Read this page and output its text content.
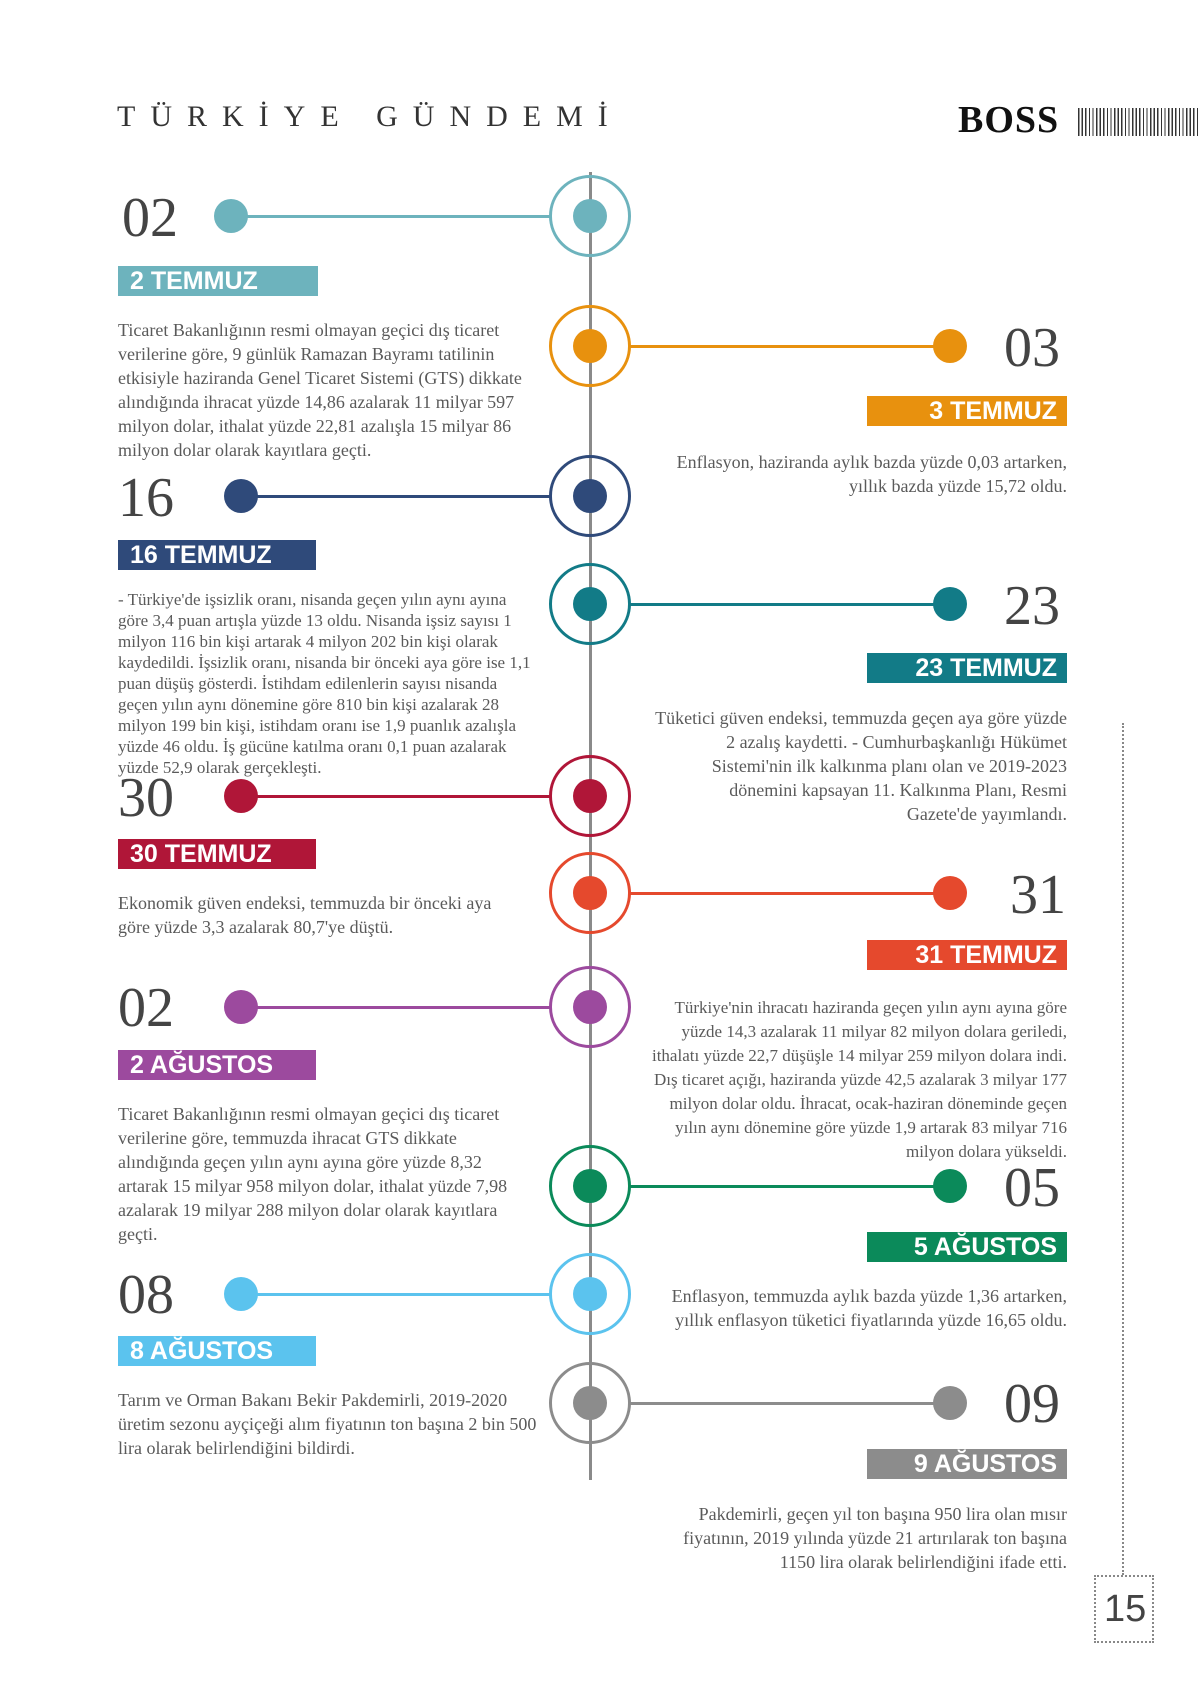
TÜRKİYE GÜNDEMİ	BOSS
02
2 TEMMUZ
Ticaret Bakanlığının resmi olmayan geçici dış ticaret verilerine göre, 9 günlük Ramazan Bayramı tatilinin etkisiyle haziranda Genel Ticaret Sistemi (GTS) dikkate alındığında ihracat yüzde 14,86 azalarak 11 milyar 597 milyon dolar, ithalat yüzde 22,81 azalışla 15 milyar 86 milyon dolar olarak kayıtlara geçti.
03
3 TEMMUZ
Enflasyon, haziranda aylık bazda yüzde 0,03 artarken, yıllık bazda yüzde 15,72 oldu.
16
16 TEMMUZ
- Türkiye'de işsizlik oranı, nisanda geçen yılın aynı ayına göre 3,4 puan artışla yüzde 13 oldu. Nisanda işsiz sayısı 1 milyon 116 bin kişi artarak 4 milyon 202 bin kişi olarak kaydedildi. İşsizlik oranı, nisanda bir önceki aya göre ise 1,1 puan düşüş gösterdi. İstihdam edilenlerin sayısı nisanda geçen yılın aynı dönemine göre 810 bin kişi azalarak 28 milyon 199 bin kişi, istihdam oranı ise 1,9 puanlık azalışla yüzde 46 oldu. İş gücüne katılma oranı 0,1 puan azalarak yüzde 52,9 olarak gerçekleşti.
23
23 TEMMUZ
Tüketici güven endeksi, temmuzda geçen aya göre yüzde 2 azalış kaydetti. - Cumhurbaşkanlığı Hükümet Sistemi'nin ilk kalkınma planı olan ve 2019-2023 dönemini kapsayan 11. Kalkınma Planı, Resmi Gazete'de yayımlandı.
30
30 TEMMUZ
Ekonomik güven endeksi, temmuzda bir önceki aya göre yüzde 3,3 azalarak 80,7'ye düştü.
31
31 TEMMUZ
Türkiye'nin ihracatı haziranda geçen yılın aynı ayına göre yüzde 14,3 azalarak 11 milyar 82 milyon dolara geriledi, ithalatı yüzde 22,7 düşüşle 14 milyar 259 milyon dolara indi. Dış ticaret açığı, haziranda yüzde 42,5 azalarak 3 milyar 177 milyon dolar oldu. İhracat, ocak-haziran döneminde geçen yılın aynı dönemine göre yüzde 1,9 artarak 83 milyar 716 milyon dolara yükseldi.
02
2 AĞUSTOS
Ticaret Bakanlığının resmi olmayan geçici dış ticaret verilerine göre, temmuzda ihracat GTS dikkate alındığında geçen yılın aynı ayına göre yüzde 8,32 artarak 15 milyar 958 milyon dolar, ithalat yüzde 7,98 azalarak 19 milyar 288 milyon dolar olarak kayıtlara geçti.
05
5 AĞUSTOS
Enflasyon, temmuzda aylık bazda yüzde 1,36 artarken, yıllık enflasyon tüketici fiyatlarında yüzde 16,65 oldu.
08
8 AĞUSTOS
Tarım ve Orman Bakanı Bekir Pakdemirli, 2019-2020 üretim sezonu ayçiçeği alım fiyatının ton başına 2 bin 500 lira olarak belirlendiğini bildirdi.
09
9 AĞUSTOS
Pakdemirli, geçen yıl ton başına 950 lira olan mısır fiyatının, 2019 yılında yüzde 21 artırılarak ton başına 1150 lira olarak belirlendiğini ifade etti.
15
